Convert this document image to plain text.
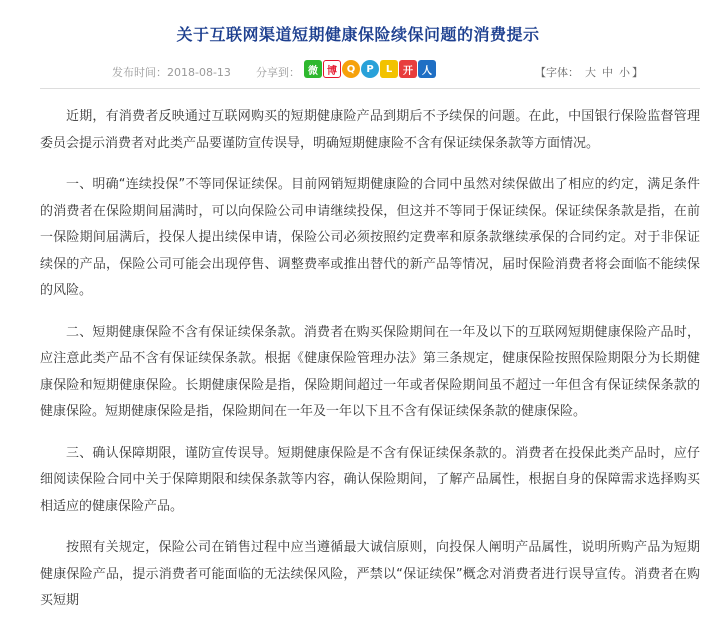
关于互联网渠道短期健康保险续保问题的消费提示
发布时间：2018-08-13 分享到： 微 博 Q	P	L	开 人	【字体： 大 中 小 】

近期，有消费者反映通过互联网购买的短期健康险产品到期后不予续保的问题。在此，中国银行保险监督管理委员会提示消费者对此类产品要谨防宣传误导，明确短期健康险不含有保证续保条款等方面情况。

一、明确“连续投保”不等同保证续保。目前网销短期健康险的合同中虽然对续保做出了相应的约定，满足条件的消费者在保险期间届满时，可以向保险公司申请继续投保，但这并不等同于保证续保。保证续保条款是指，在前一保险期间届满后，投保人提出续保申请，保险公司必须按照约定费率和原条款继续承保的合同约定。对于非保证续保的产品，保险公司可能会出现停售、调整费率或推出替代的新产品等情况，届时保险消费者将会面临不能续保的风险。

二、短期健康保险不含有保证续保条款。消费者在购买保险期间在一年及以下的互联网短期健康保险产品时，应注意此类产品不含有保证续保条款。根据《健康保险管理办法》第三条规定，健康保险按照保险期限分为长期健康保险和短期健康保险。长期健康保险是指，保险期间超过一年或者保险期间虽不超过一年但含有保证续保条款的健康保险。短期健康保险是指，保险期间在一年及一年以下且不含有保证续保条款的健康保险。

三、确认保障期限，谨防宣传误导。短期健康保险是不含有保证续保条款的。消费者在投保此类产品时，应仔细阅读保险合同中关于保障期限和续保条款等内容，确认保险期间，了解产品属性，根据自身的保障需求选择购买相适应的健康保险产品。

按照有关规定，保险公司在销售过程中应当遵循最大诚信原则，向投保人阐明产品属性，说明所购产品为短期健康保险产品，提示消费者可能面临的无法续保风险，严禁以“保证续保”概念对消费者进行误导宣传。消费者在购买短期
